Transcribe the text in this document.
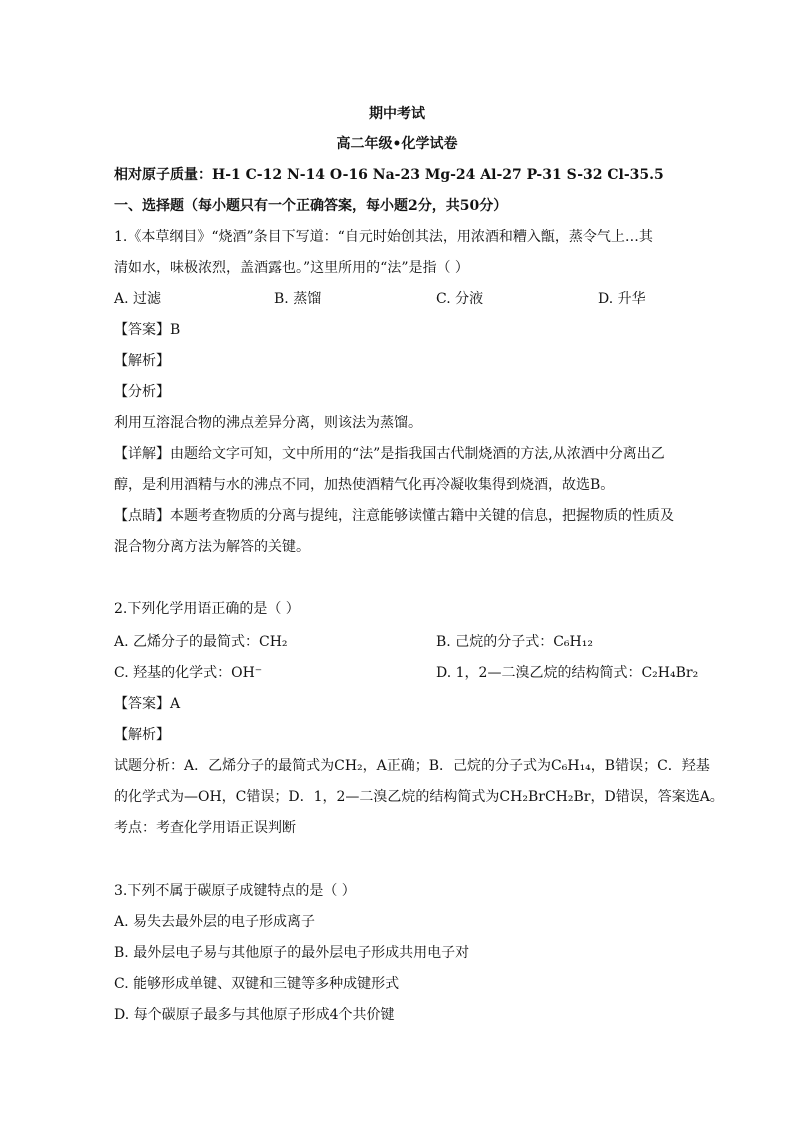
期中考试
高二年级•化学试卷
相对原子质量：H-1 C-12 N-14 O-16 Na-23 Mg-24 Al-27 P-31 S-32 Cl-35.5
一、选择题（每小题只有一个正确答案，每小题2分，共50分）
1.《本草纲目》“烧酒”条目下写道：“自元时始创其法，用浓酒和糟入甑，蒸令气上…其
清如水，味极浓烈，盖酒露也。”这里所用的“法”是指（ ）
A. 过滤	B. 蒸馏	C. 分液	D. 升华
【答案】B
【解析】
【分析】
利用互溶混合物的沸点差异分离，则该法为蒸馏。
【详解】由题给文字可知，文中所用的“法”是指我国古代制烧酒的方法,从浓酒中分离出乙
醇，是利用酒精与水的沸点不同，加热使酒精气化再冷凝收集得到烧酒，故选B。
【点睛】本题考查物质的分离与提纯，注意能够读懂古籍中关键的信息，把握物质的性质及
混合物分离方法为解答的关键。
2.下列化学用语正确的是（ ）
A. 乙烯分子的最简式：CH₂	B. 己烷的分子式：C₆H₁₂
C. 羟基的化学式：OH⁻	D. 1，2—二溴乙烷的结构简式：C₂H₄Br₂
【答案】A
【解析】
试题分析：A．乙烯分子的最简式为CH₂，A正确；B．己烷的分子式为C₆H₁₄，B错误；C．羟基
的化学式为—OH，C错误；D．1，2—二溴乙烷的结构简式为CH₂BrCH₂Br，D错误，答案选A。
考点：考查化学用语正误判断
3.下列不属于碳原子成键特点的是（ ）
A. 易失去最外层的电子形成离子
B. 最外层电子易与其他原子的最外层电子形成共用电子对
C. 能够形成单键、双键和三键等多种成键形式
D. 每个碳原子最多与其他原子形成4个共价键
